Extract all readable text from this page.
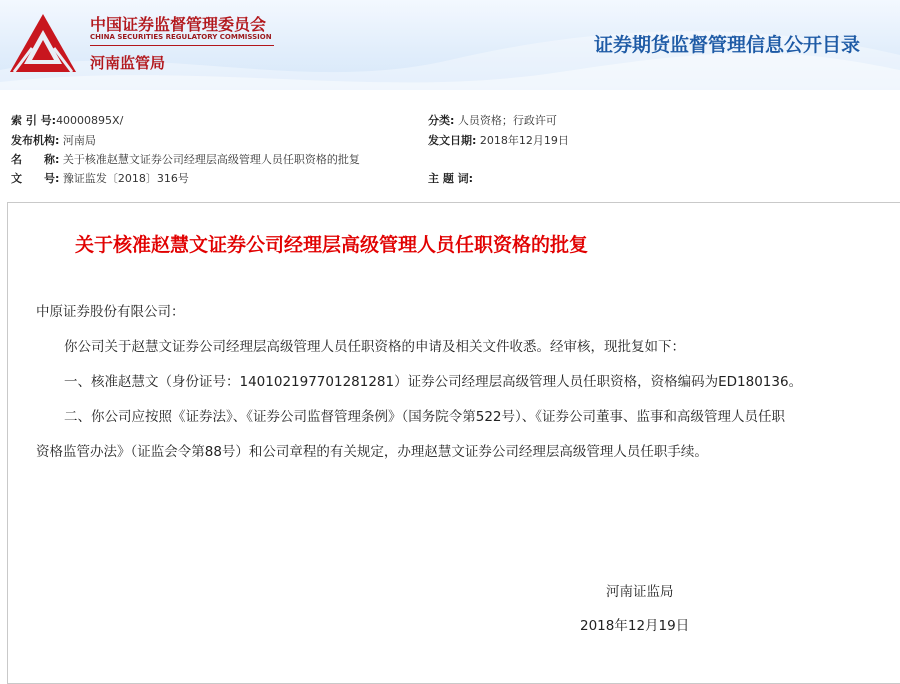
中国证券监督管理委员会
CHINA SECURITIES REGULATORY COMMISSION
河南监管局
证券期货监督管理信息公开目录
索 引 号:40000895X/	分类: 人员资格；行政许可
发布机构: 河南局	发文日期: 2018年12月19日
名　　称: 关于核准赵慧文证券公司经理层高级管理人员任职资格的批复
文　　号: 豫证监发〔2018〕316号	主 题 词:
关于核准赵慧文证券公司经理层高级管理人员任职资格的批复
中原证券股份有限公司：
你公司关于赵慧文证券公司经理层高级管理人员任职资格的申请及相关文件收悉。经审核，现批复如下：
一、核准赵慧文（身份证号：140102197701281281）证券公司经理层高级管理人员任职资格，资格编码为ED180136。
二、你公司应按照《证券法》、《证券公司监督管理条例》（国务院令第522号）、《证券公司董事、监事和高级管理人员任职
资格监管办法》（证监会令第88号）和公司章程的有关规定，办理赵慧文证券公司经理层高级管理人员任职手续。
河南证监局
2018年12月19日
